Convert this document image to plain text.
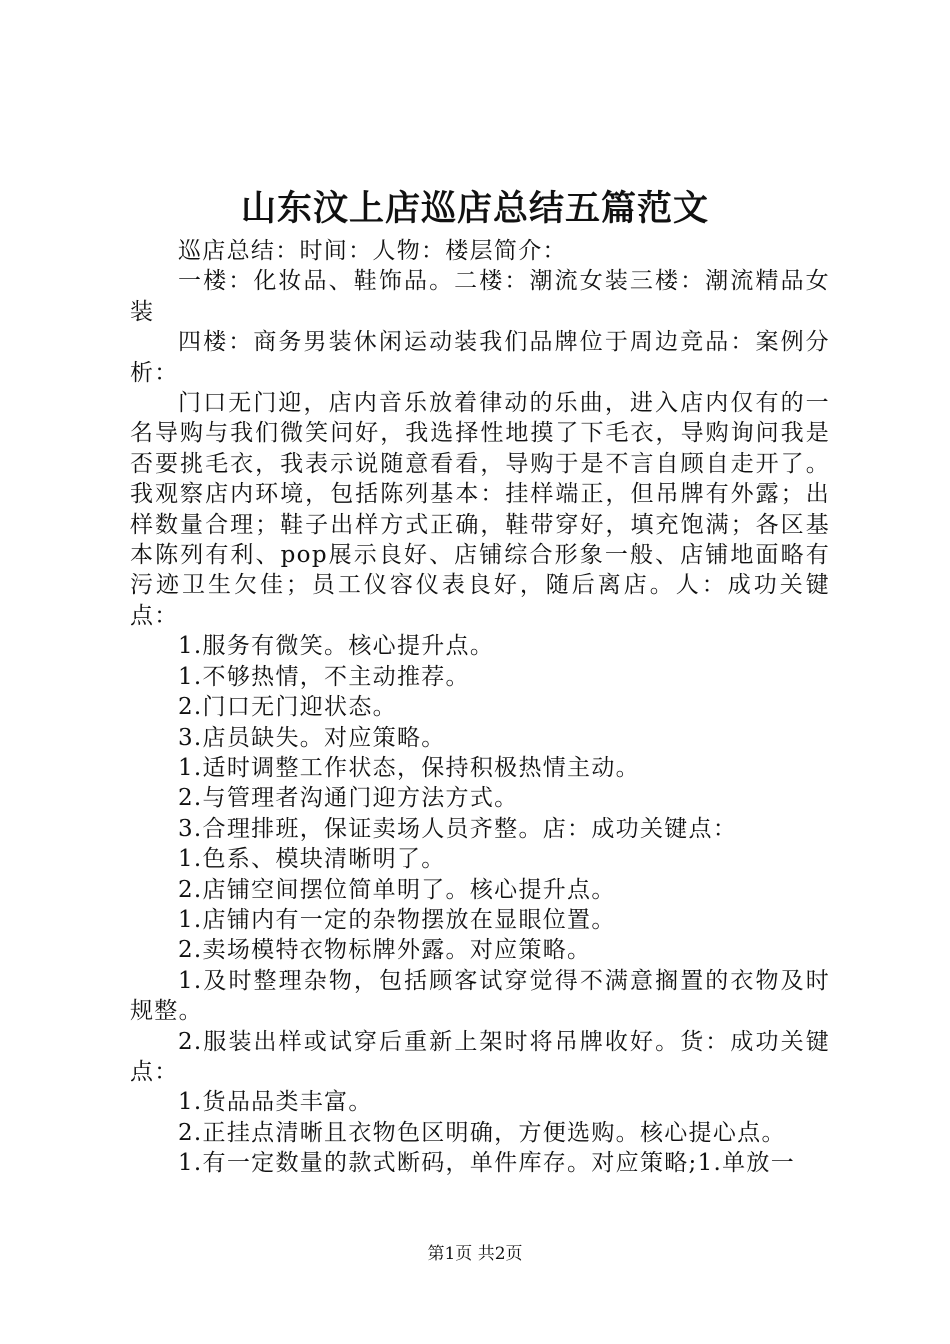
山东汶上店巡店总结五篇范文

巡店总结：时间：人物：楼层简介：

一楼：化妆品、鞋饰品。二楼：潮流女装三楼：潮流精品女装

四楼：商务男装休闲运动装我们品牌位于周边竞品：案例分析：

门口无门迎，店内音乐放着律动的乐曲，进入店内仅有的一名导购与我们微笑问好，我选择性地摸了下毛衣，导购询问我是否要挑毛衣，我表示说随意看看，导购于是不言自顾自走开了。我观察店内环境，包括陈列基本：挂样端正，但吊牌有外露；出样数量合理；鞋子出样方式正确，鞋带穿好，填充饱满；各区基本陈列有利、pop展示良好、店铺综合形象一般、店铺地面略有污迹卫生欠佳；员工仪容仪表良好，随后离店。人：成功关键点：

1.服务有微笑。核心提升点。

1.不够热情，不主动推荐。

2.门口无门迎状态。

3.店员缺失。对应策略。

1.适时调整工作状态，保持积极热情主动。

2.与管理者沟通门迎方法方式。

3.合理排班，保证卖场人员齐整。店：成功关键点：

1.色系、模块清晰明了。

2.店铺空间摆位简单明了。核心提升点。

1.店铺内有一定的杂物摆放在显眼位置。

2.卖场模特衣物标牌外露。对应策略。

1.及时整理杂物，包括顾客试穿觉得不满意搁置的衣物及时规整。

2.服装出样或试穿后重新上架时将吊牌收好。货：成功关键点：

1.货品品类丰富。

2.正挂点清晰且衣物色区明确，方便选购。核心提心点。

1.有一定数量的款式断码，单件库存。对应策略;1.单放一

第1页 共2页
